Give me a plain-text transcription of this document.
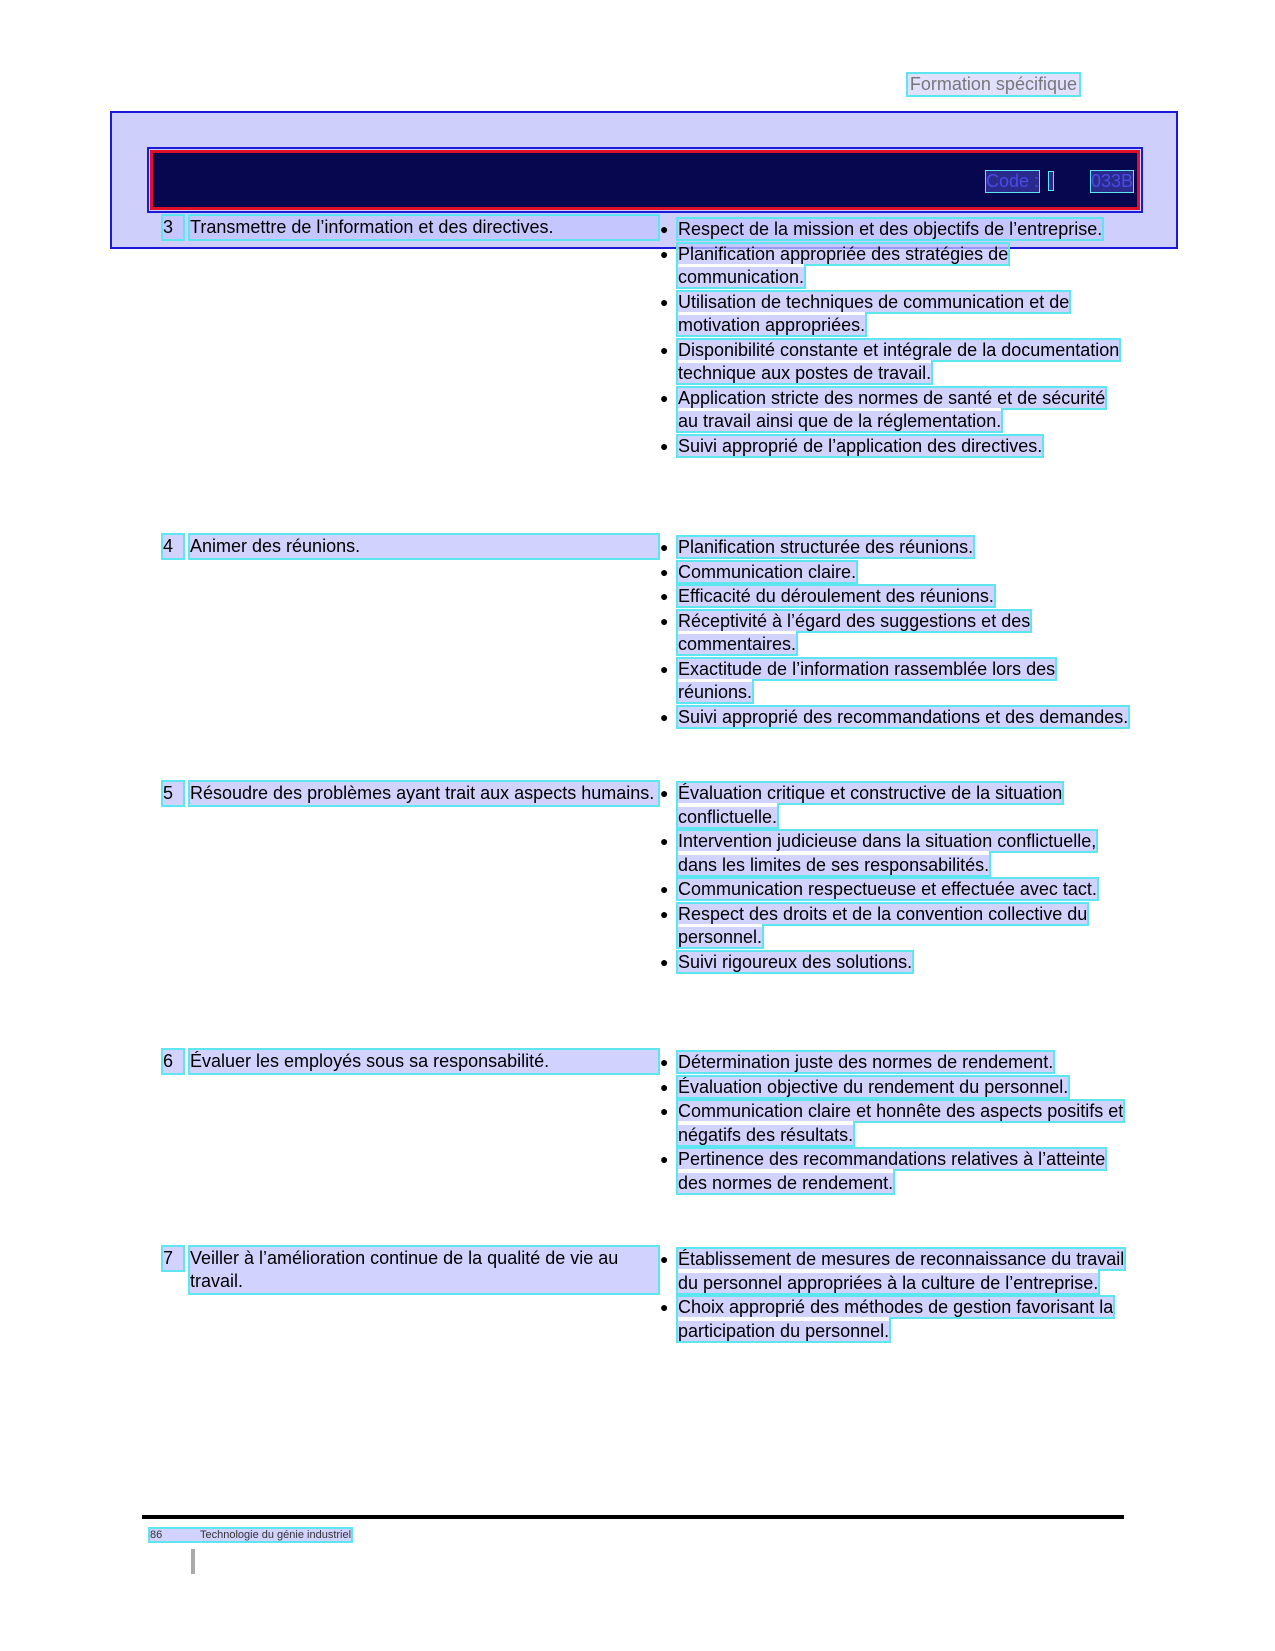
Formation spécifique
Code :	033B
3 Transmettre de l’information et des directives.	● Respect de la mission et des objectifs de l’entreprise.
● Planification appropriée des stratégies de communication.
● Utilisation de techniques de communication et de motivation appropriées.
● Disponibilité constante et intégrale de la documentation technique aux postes de travail.
● Application stricte des normes de santé et de sécurité au travail ainsi que de la réglementation.
● Suivi approprié de l’application des directives.
4 Animer des réunions.	● Planification structurée des réunions.
● Communication claire.
● Efficacité du déroulement des réunions.
● Réceptivité à l’égard des suggestions et des commentaires.
● Exactitude de l’information rassemblée lors des réunions.
● Suivi approprié des recommandations et des demandes.
5 Résoudre des problèmes ayant trait aux aspects humains. ● Évaluation critique et constructive de la situation conflictuelle.
● Intervention judicieuse dans la situation conflictuelle, dans les limites de ses responsabilités.
● Communication respectueuse et effectuée avec tact.
● Respect des droits et de la convention collective du personnel.
● Suivi rigoureux des solutions.
6 Évaluer les employés sous sa responsabilité.	● Détermination juste des normes de rendement.
● Évaluation objective du rendement du personnel.
● Communication claire et honnête des aspects positifs et négatifs des résultats.
● Pertinence des recommandations relatives à l’atteinte des normes de rendement.
7 Veiller à l’amélioration continue de la qualité de vie au travail.
● Établissement de mesures de reconnaissance du travail du personnel appropriées à la culture de l’entreprise.
● Choix approprié des méthodes de gestion favorisant la participation du personnel.
86	Technologie du génie industriel
